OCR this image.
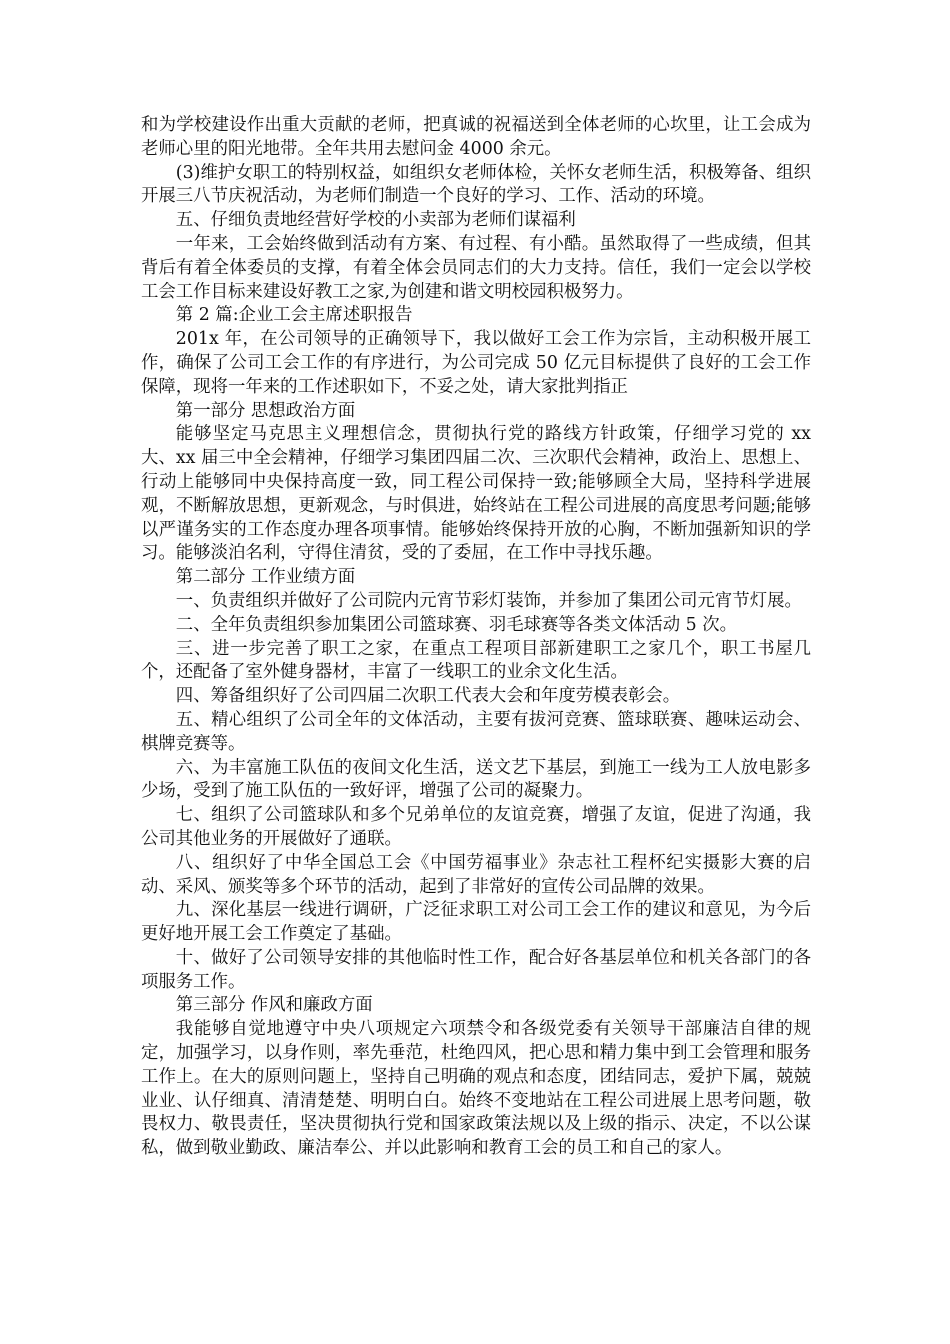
和为学校建设作出重大贡献的老师，把真诚的祝福送到全体老师的心坎里，让工会成为老师心里的阳光地带。全年共用去慰问金 4000 余元。

(3)维护女职工的特别权益，如组织女老师体检，关怀女老师生活，积极筹备、组织开展三八节庆祝活动，为老师们制造一个良好的学习、工作、活动的环境。

五、仔细负责地经营好学校的小卖部为老师们谋福利

一年来，工会始终做到活动有方案、有过程、有小酷。虽然取得了一些成绩，但其背后有着全体委员的支撑，有着全体会员同志们的大力支持。信任，我们一定会以学校工会工作目标来建设好教工之家,为创建和谐文明校园积极努力。

第 2 篇:企业工会主席述职报告

201x 年，在公司领导的正确领导下，我以做好工会工作为宗旨，主动积极开展工作，确保了公司工会工作的有序进行，为公司完成 50 亿元目标提供了良好的工会工作保障，现将一年来的工作述职如下，不妥之处，请大家批判指正

第一部分 思想政治方面

能够坚定马克思主义理想信念，贯彻执行党的路线方针政策，仔细学习党的 xx 大、xx 届三中全会精神，仔细学习集团四届二次、三次职代会精神，政治上、思想上、行动上能够同中央保持高度一致，同工程公司保持一致;能够顾全大局，坚持科学进展观，不断解放思想，更新观念，与时俱进，始终站在工程公司进展的高度思考问题;能够以严谨务实的工作态度办理各项事情。能够始终保持开放的心胸，不断加强新知识的学习。能够淡泊名利，守得住清贫，受的了委屈，在工作中寻找乐趣。

第二部分 工作业绩方面

一、负责组织并做好了公司院内元宵节彩灯装饰，并参加了集团公司元宵节灯展。

二、全年负责组织参加集团公司篮球赛、羽毛球赛等各类文体活动 5 次。

三、进一步完善了职工之家，在重点工程项目部新建职工之家几个，职工书屋几个，还配备了室外健身器材，丰富了一线职工的业余文化生活。

四、筹备组织好了公司四届二次职工代表大会和年度劳模表彰会。

五、精心组织了公司全年的文体活动，主要有拔河竞赛、篮球联赛、趣味运动会、棋牌竞赛等。

六、为丰富施工队伍的夜间文化生活，送文艺下基层，到施工一线为工人放电影多少场，受到了施工队伍的一致好评，增强了公司的凝聚力。

七、组织了公司篮球队和多个兄弟单位的友谊竞赛，增强了友谊，促进了沟通，我公司其他业务的开展做好了通联。

八、组织好了中华全国总工会《中国劳福事业》杂志社工程杯纪实摄影大赛的启动、采风、颁奖等多个环节的活动，起到了非常好的宣传公司品牌的效果。

九、深化基层一线进行调研，广泛征求职工对公司工会工作的建议和意见，为今后更好地开展工会工作奠定了基础。

十、做好了公司领导安排的其他临时性工作，配合好各基层单位和机关各部门的各项服务工作。

第三部分 作风和廉政方面

我能够自觉地遵守中央八项规定六项禁令和各级党委有关领导干部廉洁自律的规定，加强学习，以身作则，率先垂范，杜绝四风，把心思和精力集中到工会管理和服务工作上。在大的原则问题上，坚持自己明确的观点和态度，团结同志，爱护下属，兢兢业业、认仔细真、清清楚楚、明明白白。始终不变地站在工程公司进展上思考问题，敬畏权力、敬畏责任，坚决贯彻执行党和国家政策法规以及上级的指示、决定，不以公谋私，做到敬业勤政、廉洁奉公、并以此影响和教育工会的员工和自己的家人。
